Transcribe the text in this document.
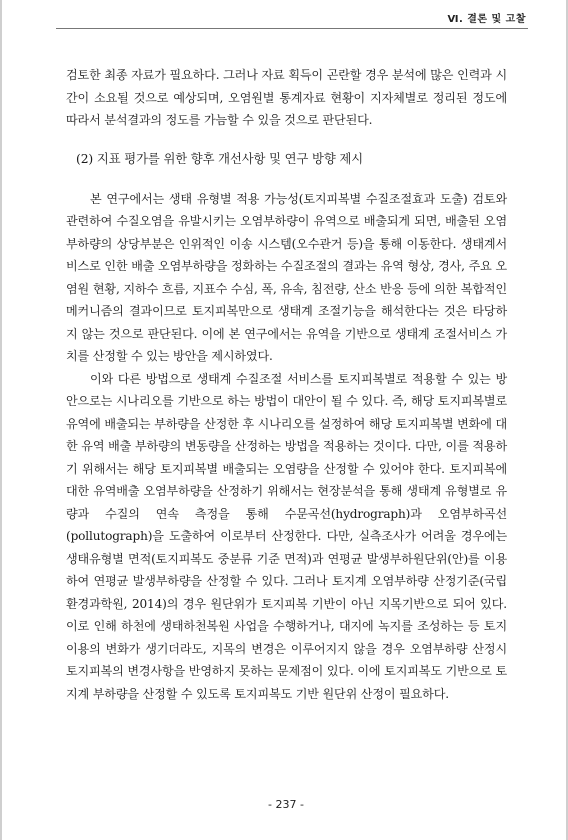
Ⅵ. 결론 및 고찰

검토한 최종 자료가 필요하다. 그러나 자료 획득이 곤란할 경우 분석에 많은 인력과 시간이 소요될 것으로 예상되며, 오염원별 통계자료 현황이 지자체별로 정리된 정도에 따라서 분석결과의 정도를 가늠할 수 있을 것으로 판단된다.

(2) 지표 평가를 위한 향후 개선사항 및 연구 방향 제시

본 연구에서는 생태 유형별 적용 가능성(토지피복별 수질조절효과 도출) 검토와 관련하여 수질오염을 유발시키는 오염부하량이 유역으로 배출되게 되면, 배출된 오염부하량의 상당부분은 인위적인 이송 시스템(오수관거 등)을 통해 이동한다. 생태계서비스로 인한 배출 오염부하량을 정화하는 수질조절의 결과는 유역 형상, 경사, 주요 오염원 현황, 지하수 흐름, 지표수 수심, 폭, 유속, 침전량, 산소 반응 등에 의한 복합적인 메커니즘의 결과이므로 토지피복만으로 생태계 조절기능을 해석한다는 것은 타당하지 않는 것으로 판단된다. 이에 본 연구에서는 유역을 기반으로 생태계 조절서비스 가치를 산정할 수 있는 방안을 제시하였다.

이와 다른 방법으로 생태계 수질조절 서비스를 토지피복별로 적용할 수 있는 방안으로는 시나리오를 기반으로 하는 방법이 대안이 될 수 있다. 즉, 해당 토지피복별로 유역에 배출되는 부하량을 산정한 후 시나리오를 설정하여 해당 토지피복별 변화에 대한 유역 배출 부하량의 변동량을 산정하는 방법을 적용하는 것이다. 다만, 이를 적용하기 위해서는 해당 토지피복별 배출되는 오염량을 산정할 수 있어야 한다. 토지피복에 대한 유역배출 오염부하량을 산정하기 위해서는 현장분석을 통해 생태계 유형별로 유량과 수질의 연속 측정을 통해 수문곡선(hydrograph)과 오염부하곡선(pollutograph)을 도출하여 이로부터 산정한다. 다만, 실측조사가 어려울 경우에는 생태유형별 면적(토지피복도 중분류 기준 면적)과 연평균 발생부하원단위(안)를 이용하여 연평균 발생부하량을 산정할 수 있다. 그러나 토지계 오염부하량 산정기준(국립환경과학원, 2014)의 경우 원단위가 토지피복 기반이 아닌 지목기반으로 되어 있다. 이로 인해 하천에 생태하천복원 사업을 수행하거나, 대지에 녹지를 조성하는 등 토지이용의 변화가 생기더라도, 지목의 변경은 이루어지지 않을 경우 오염부하량 산정시 토지피복의 변경사항을 반영하지 못하는 문제점이 있다. 이에 토지피복도 기반으로 토지계 부하량을 산정할 수 있도록 토지피복도 기반 원단위 산정이 필요하다.

- 237 -
